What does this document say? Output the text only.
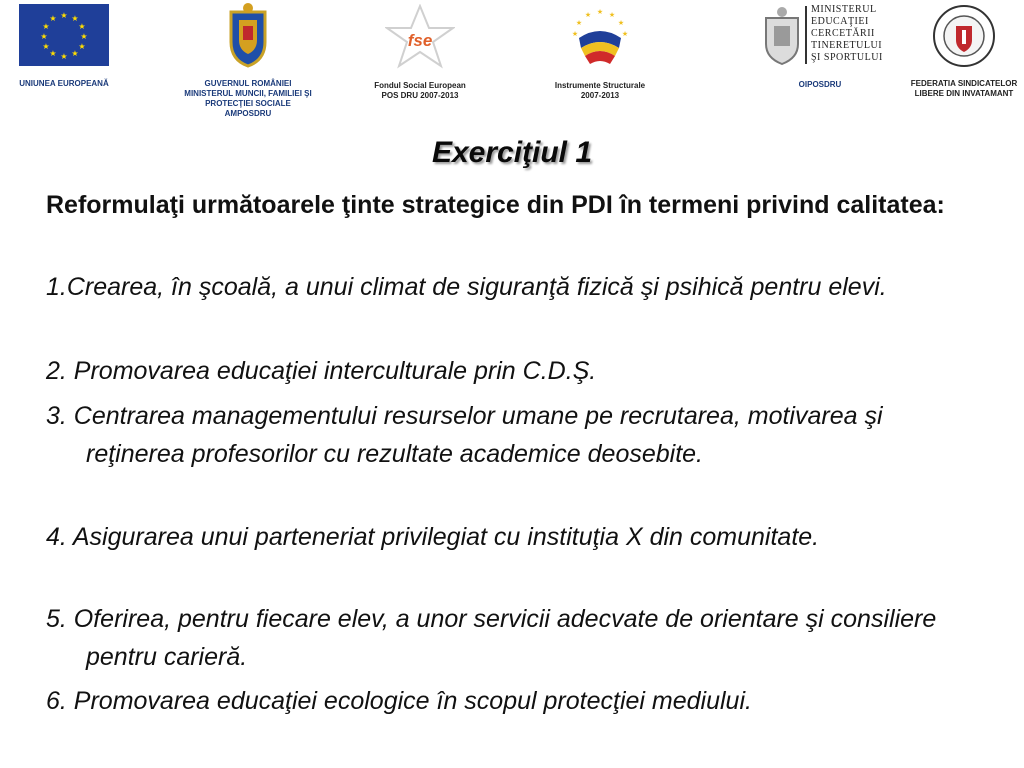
★ ★
★
★
★
★
★
★
★
★
★
★
UNIUNEA EUROPEANĂ	GUVERNUL ROMÂNIEI
MINISTERUL MUNCII, FAMILIEI ŞI
PROTECŢIEI SOCIALE
AMPOSDRU
fse
Fondul Social European
POS DRU 2007-2013
★ ★
★
★
★
★
★
Instrumente Structurale
2007-2013
MINISTERUL
EDUCAŢIEI
CERCETĂRII
TINERETULUI
ŞI SPORTULUI
OIPOSDRU	FEDERATIA SINDICATELOR
LIBERE DIN INVATAMANT
Exerciţiul 1
Reformulaţi următoarele ţinte strategice din PDI în termeni privind calitatea:
1.Crearea, în şcoală, a unui climat de siguranţă fizică şi psihică pentru elevi.
2. Promovarea educaţiei interculturale prin C.D.Ş.
3. Centrarea managementului resurselor umane pe recrutarea, motivarea şi reţinerea profesorilor cu rezultate academice deosebite.
4. Asigurarea unui parteneriat privilegiat cu instituţia X din comunitate.
5. Oferirea, pentru fiecare elev, a unor servicii adecvate de orientare şi consiliere pentru carieră.
6. Promovarea educaţiei ecologice în scopul protecţiei mediului.
